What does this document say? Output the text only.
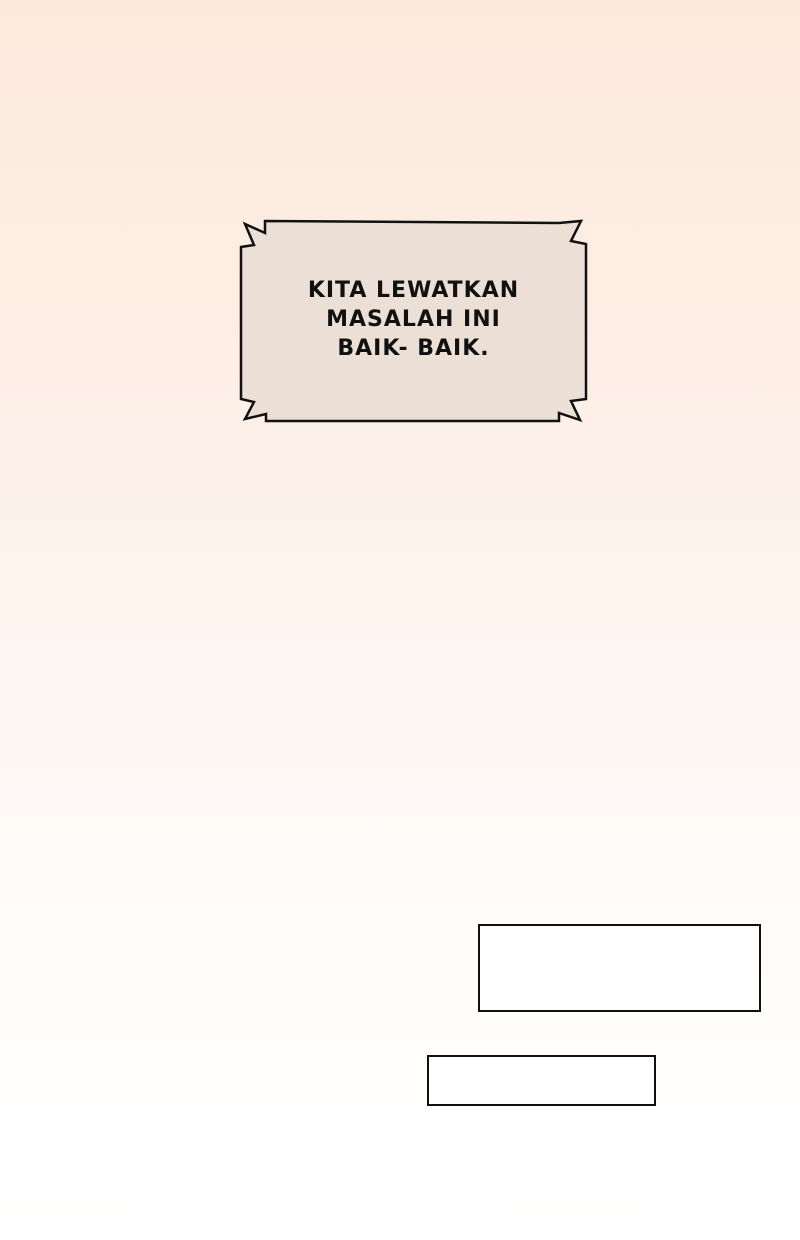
KITA LEWATKAN
MASALAH INI
BAIK- BAIK.
